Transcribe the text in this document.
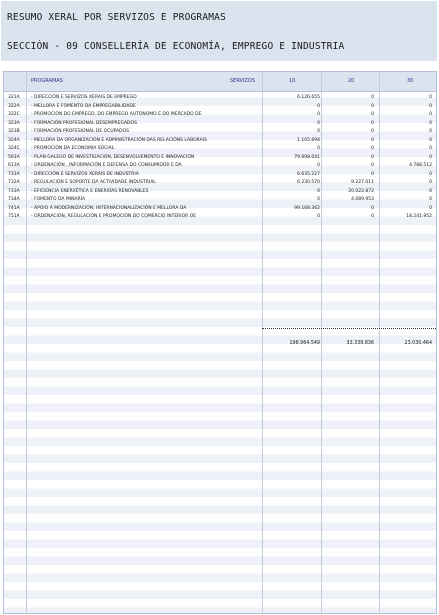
RESUMO XERAL POR SERVIZOS E PROGRAMAS
SECCIÓN - 09 CONSELLERÍA DE ECONOMÍA, EMPREGO E INDUSTRIA
PROGRAMAS	SERVIZOS	10	20	30
321A	- DIRECCIÓN E SERVIZOS XERAIS DE EMPREGO	6.126.655	0	0
322A	- MELLORA E FOMENTO DA EMPREGABILIDADE	0	0	0
322C	- PROMOCIÓN DO EMPREGO, DO EMPREGO AUTÓNOMO E DO MERCADO DE	0	0	0
323A	- FORMACIÓN PROFESIONAL DESEMPREGADOS	0	0	0
323B	- FORMACIÓN PROFESIONAL DE OCUPADOS	0	0	0
324A	- MELLORA DA ORGANIZACIÓN E ADMINISTRACIÓN DAS RELACIÓNS LABORAIS	1.105.694	0	0
324C	- PROMOCIÓN DA ECONOMIA SOCIAL	0	0	0
561A	- PLAN GALEGO DE INVESTIGACIÓN, DESENVOLVEMENTO E INNOVACIÓN	79.698.041	0	0
613A	- ORDENACIÓN , INFORMACIÓN E DEFENSA DO CONSUMIDOR E DA	0	0	4.788.512
731A	- DIRECCIÓN E SERVIZOS XERAIS DE INDUSTRIA	6.635.227	0	0
732A	- REGULACIÓN E SOPORTE DA ACTIVIDADE INDUSTRIAL	6.230.570	9.227.011	0
733A	- EFICIENCIA ENERXÉTICA E ENERXÍAS RENOVABLES	0	20.022.872	0
734A	- FOMENTO DA MINARÍA	0	4.089.953	0
741A	- APOIO Á MODERNIZACIÓN, INTERNACIONALIZACIÓN E MELLORA DA	99.168.362	0	0
751A	- ORDENACIÓN, REGULACIÓN E PROMOCIÓN DO COMERCIO INTERIOR OE	0	0	18.241.952
198.964.549	33.339.836	23.030.464
